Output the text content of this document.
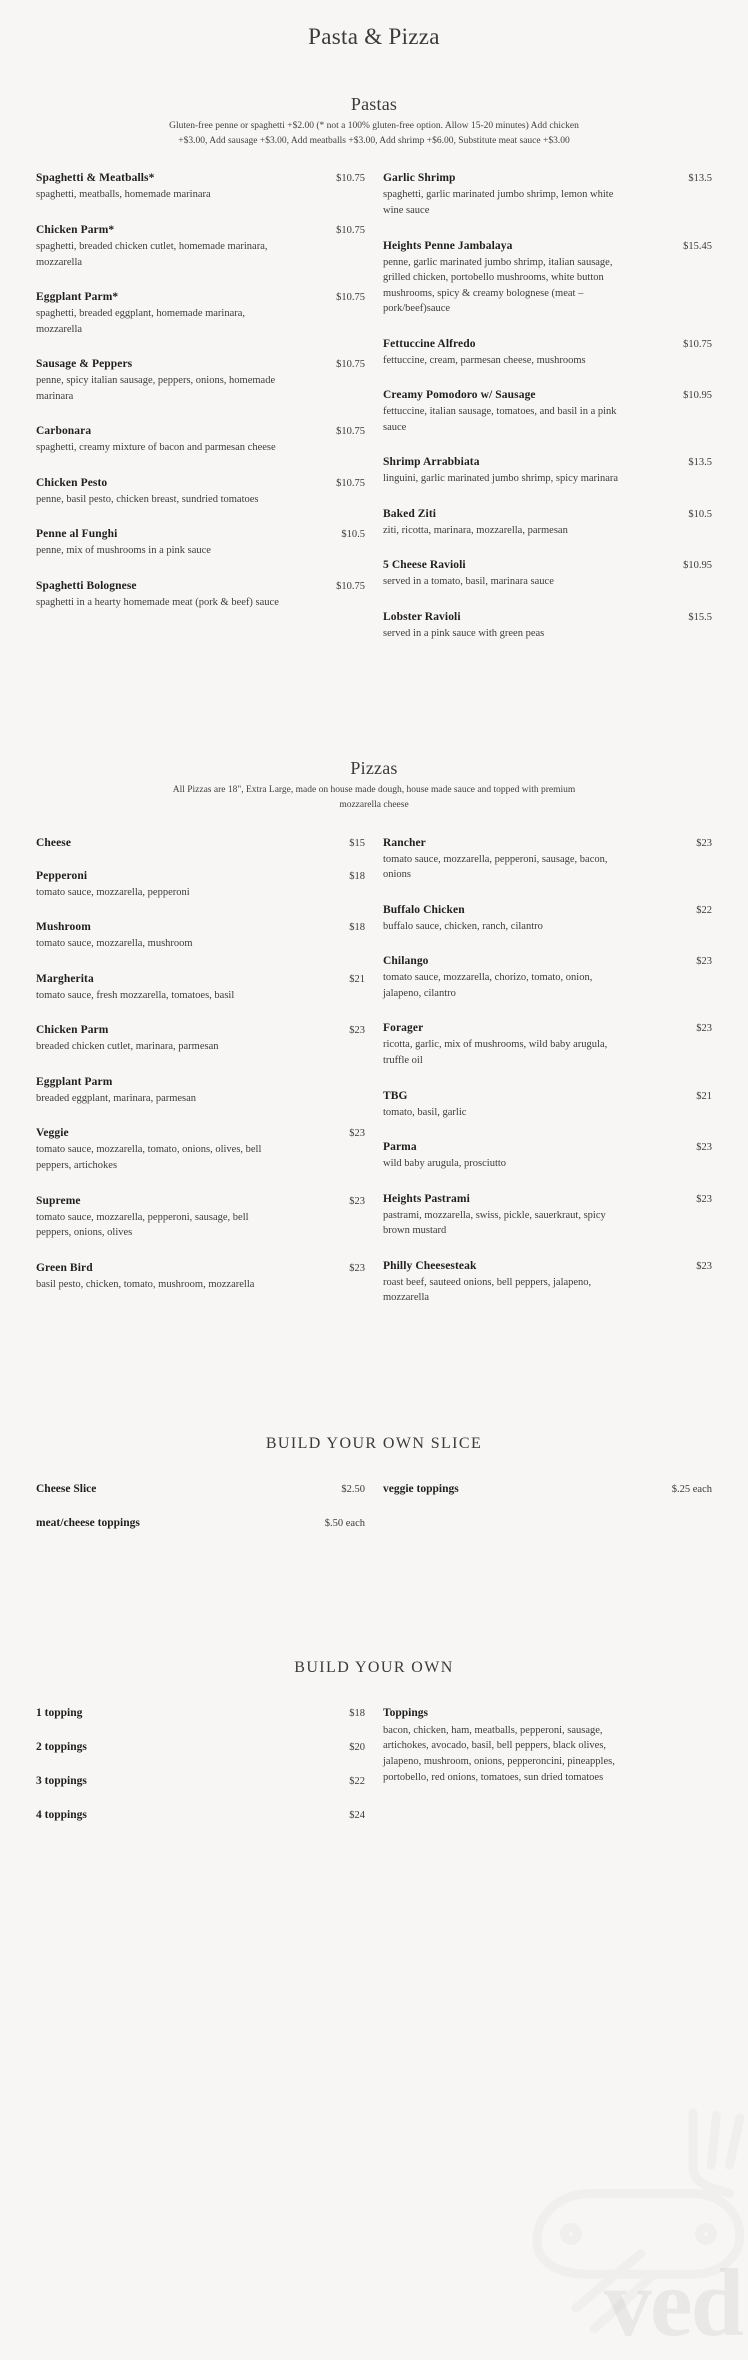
ved
Pasta & Pizza
Pastas
Gluten-free penne or spaghetti +$2.00 (* not a 100% gluten-free option. Allow 15-20 minutes) Add chicken +$3.00, Add sausage +$3.00, Add meatballs +$3.00, Add shrimp +$6.00, Substitute meat sauce +$3.00
Spaghetti & Meatballs*	$10.75
spaghetti, meatballs, homemade marinara
Chicken Parm*	$10.75
spaghetti, breaded chicken cutlet, homemade marinara, mozzarella
Eggplant Parm*	$10.75
spaghetti, breaded eggplant, homemade marinara, mozzarella
Sausage & Peppers	$10.75
penne, spicy italian sausage, peppers, onions, homemade marinara
Carbonara	$10.75
spaghetti, creamy mixture of bacon and parmesan cheese
Chicken Pesto	$10.75
penne, basil pesto, chicken breast, sundried tomatoes
Penne al Funghi	$10.5
penne, mix of mushrooms in a pink sauce
Spaghetti Bolognese	$10.75
spaghetti in a hearty homemade meat (pork & beef) sauce
Garlic Shrimp	$13.5
spaghetti, garlic marinated jumbo shrimp, lemon white wine sauce
Heights Penne Jambalaya	$15.45
penne, garlic marinated jumbo shrimp, italian sausage, grilled chicken, portobello mushrooms, white button mushrooms, spicy & creamy bolognese (meat – pork/beef)sauce
Fettuccine Alfredo	$10.75
fettuccine, cream, parmesan cheese, mushrooms
Creamy Pomodoro w/ Sausage	$10.95
fettuccine, italian sausage, tomatoes, and basil in a pink sauce
Shrimp Arrabbiata	$13.5
linguini, garlic marinated jumbo shrimp, spicy marinara
Baked Ziti	$10.5
ziti, ricotta, marinara, mozzarella, parmesan
5 Cheese Ravioli	$10.95
served in a tomato, basil, marinara sauce
Lobster Ravioli	$15.5
served in a pink sauce with green peas
Pizzas
All Pizzas are 18", Extra Large, made on house made dough, house made sauce and topped with premium mozzarella cheese
Cheese	$15
Pepperoni	$18
tomato sauce, mozzarella, pepperoni
Mushroom	$18
tomato sauce, mozzarella, mushroom
Margherita	$21
tomato sauce, fresh mozzarella, tomatoes, basil
Chicken Parm	$23
breaded chicken cutlet, marinara, parmesan
Eggplant Parm
breaded eggplant, marinara, parmesan
Veggie	$23
tomato sauce, mozzarella, tomato, onions, olives, bell peppers, artichokes
Supreme	$23
tomato sauce, mozzarella, pepperoni, sausage, bell peppers, onions, olives
Green Bird	$23
basil pesto, chicken, tomato, mushroom, mozzarella
Rancher	$23
tomato sauce, mozzarella, pepperoni, sausage, bacon, onions
Buffalo Chicken	$22
buffalo sauce, chicken, ranch, cilantro
Chilango	$23
tomato sauce, mozzarella, chorizo, tomato, onion, jalapeno, cilantro
Forager	$23
ricotta, garlic, mix of mushrooms, wild baby arugula, truffle oil
TBG	$21
tomato, basil, garlic
Parma	$23
wild baby arugula, prosciutto
Heights Pastrami	$23
pastrami, mozzarella, swiss, pickle, sauerkraut, spicy brown mustard
Philly Cheesesteak	$23
roast beef, sauteed onions, bell peppers, jalapeno, mozzarella
BUILD YOUR OWN SLICE
Cheese Slice	$2.50
meat/cheese toppings	$.50 each
veggie toppings	$.25 each
BUILD YOUR OWN
1 topping	$18
2 toppings	$20
3 toppings	$22
4 toppings	$24
Toppings
bacon, chicken, ham, meatballs, pepperoni, sausage, artichokes, avocado, basil, bell peppers, black olives, jalapeno, mushroom, onions, pepperoncini, pineapples, portobello, red onions, tomatoes, sun dried tomatoes
